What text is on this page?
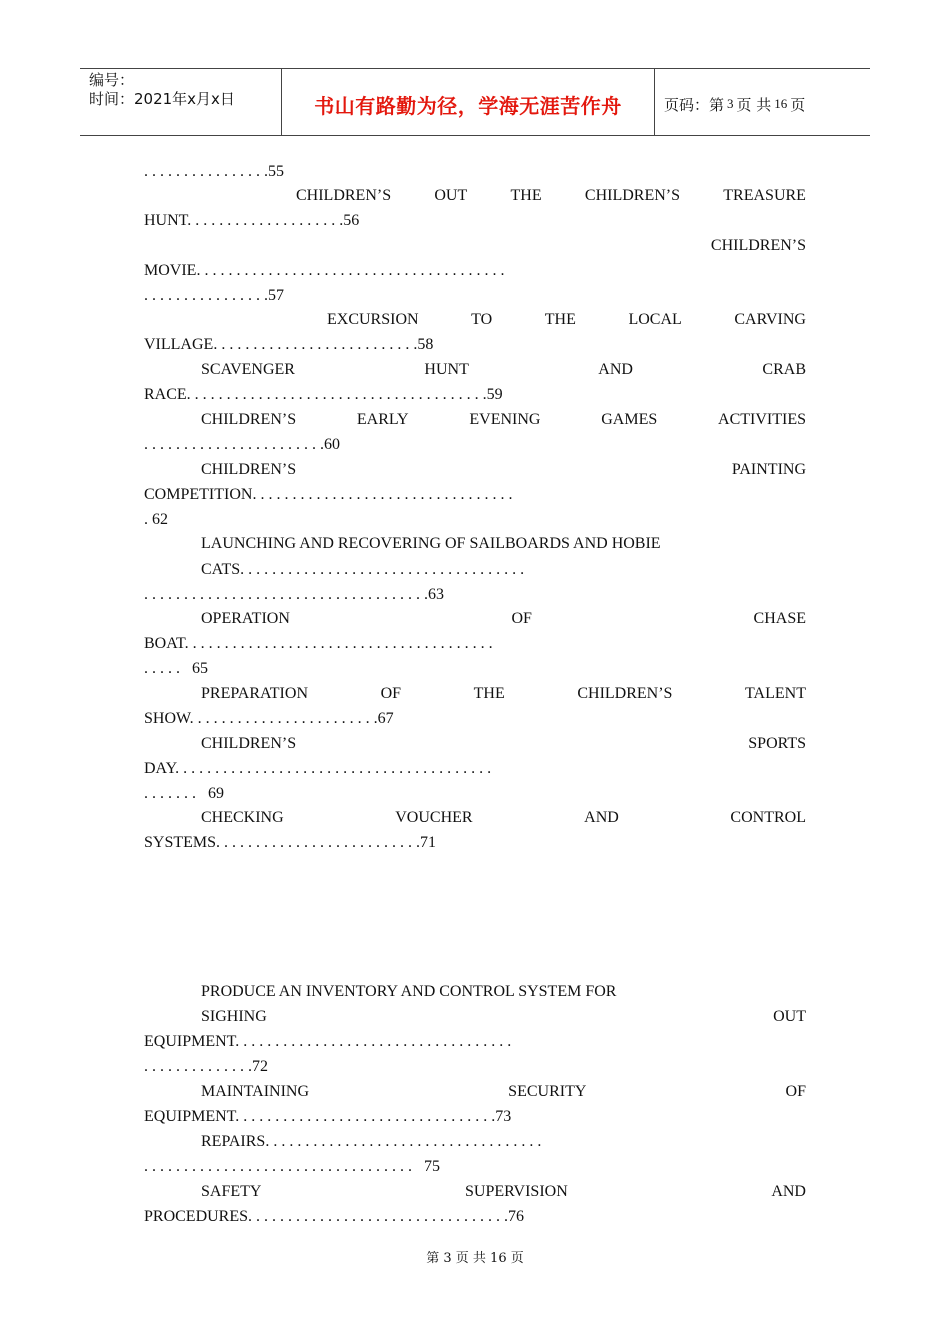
编号：
时间：2021年x月x日	书山有路勤为径，学海无涯苦作舟	页码：第 3 页 共 16 页
. . . . . . . . . . . . . . . .55
CHILDREN’S	OUT	THE	CHILDREN’S	TREASURE
HUNT. . . . . . . . . . . . . . . . . . . .56
CHILDREN’S
MOVIE. . . . . . . . . . . . . . . . . . . . . . . . . . . . . . . . . . . . . . .
. . . . . . . . . . . . . . . .57
EXCURSION	TO	THE	LOCAL	CARVING
VILLAGE. . . . . . . . . . . . . . . . . . . . . . . . . .58
SCAVENGER	HUNT	AND	CRAB
RACE. . . . . . . . . . . . . . . . . . . . . . . . . . . . . . . . . . . . . .59
CHILDREN’S	EARLY	EVENING	GAMES	ACTIVITIES
. . . . . . . . . . . . . . . . . . . . . . .60
CHILDREN’S	PAINTING
COMPETITION. . . . . . . . . . . . . . . . . . . . . . . . . . . . . . . . .
. 62
LAUNCHING AND RECOVERING OF SAILBOARDS AND HOBIE
CATS. . . . . . . . . . . . . . . . . . . . . . . . . . . . . . . . . . . .
. . . . . . . . . . . . . . . . . . . . . . . . . . . . . . . . . . . .63
OPERATION	OF	CHASE
BOAT. . . . . . . . . . . . . . . . . . . . . . . . . . . . . . . . . . . . . . .
. . . . .   65
PREPARATION	OF	THE	CHILDREN’S	TALENT
SHOW. . . . . . . . . . . . . . . . . . . . . . . .67
CHILDREN’S	SPORTS
DAY. . . . . . . . . . . . . . . . . . . . . . . . . . . . . . . . . . . . . . . .
. . . . . . .   69
CHECKING	VOUCHER	AND	CONTROL
SYSTEMS. . . . . . . . . . . . . . . . . . . . . . . . . .71
PRODUCE AN INVENTORY AND CONTROL SYSTEM FOR
SIGHING	OUT
EQUIPMENT. . . . . . . . . . . . . . . . . . . . . . . . . . . . . . . . . . .
. . . . . . . . . . . . . .72
MAINTAINING	SECURITY	OF
EQUIPMENT. . . . . . . . . . . . . . . . . . . . . . . . . . . . . . . . .73
REPAIRS. . . . . . . . . . . . . . . . . . . . . . . . . . . . . . . . . . .
. . . . . . . . . . . . . . . . . . . . . . . . . . . . . . . . . .   75
SAFETY	SUPERVISION	AND
PROCEDURES. . . . . . . . . . . . . . . . . . . . . . . . . . . . . . . . .76
第 3 页 共 16 页
